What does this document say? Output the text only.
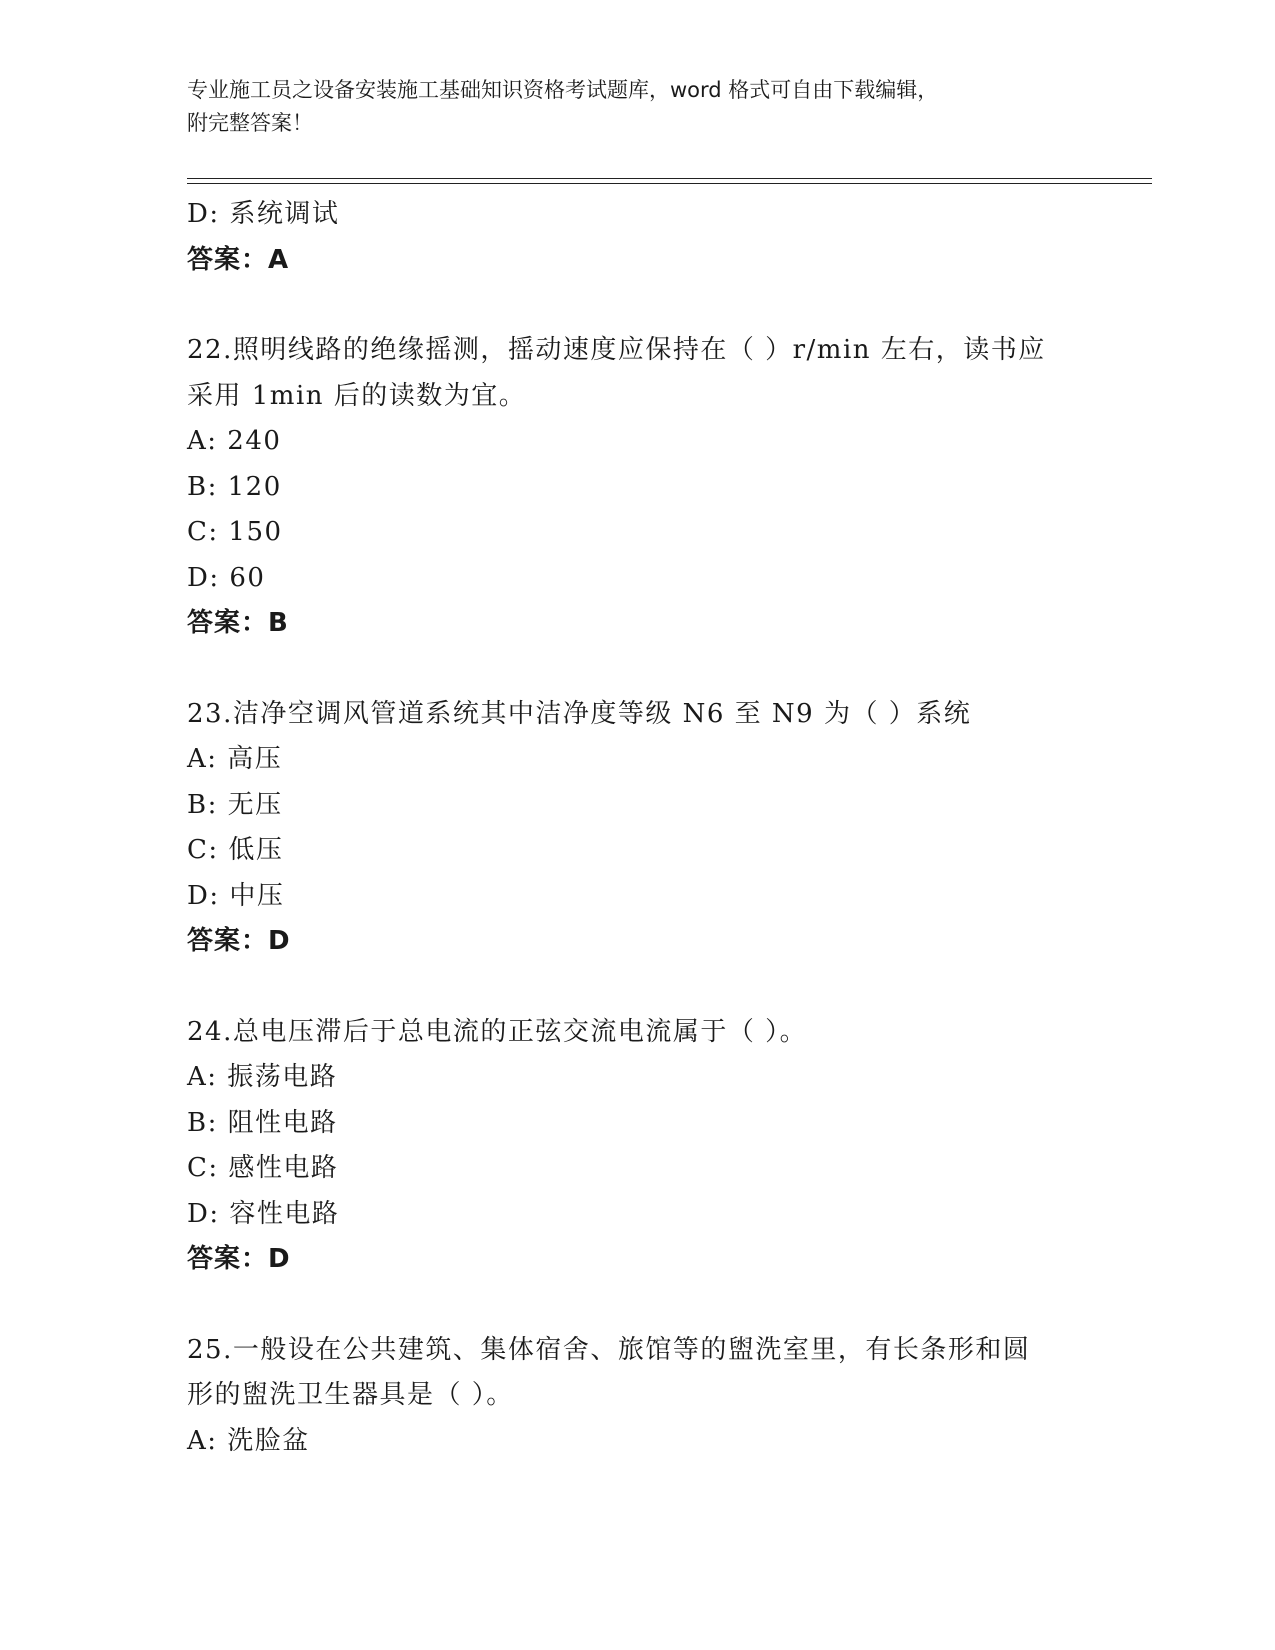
专业施工员之设备安装施工基础知识资格考试题库，word 格式可自由下载编辑，
附完整答案！
D: 系统调试
答案：A
22.照明线路的绝缘摇测，摇动速度应保持在（ ）r/min 左右，读书应
采用 1min 后的读数为宜。
A: 240
B: 120
C: 150
D: 60
答案：B
23.洁净空调风管道系统其中洁净度等级 N6 至 N9 为（ ）系统
A: 高压
B: 无压
C: 低压
D: 中压
答案：D
24.总电压滞后于总电流的正弦交流电流属于（ ）。
A: 振荡电路
B: 阻性电路
C: 感性电路
D: 容性电路
答案：D
25.一般设在公共建筑、集体宿舍、旅馆等的盥洗室里，有长条形和圆
形的盥洗卫生器具是（ ）。
A: 洗脸盆
